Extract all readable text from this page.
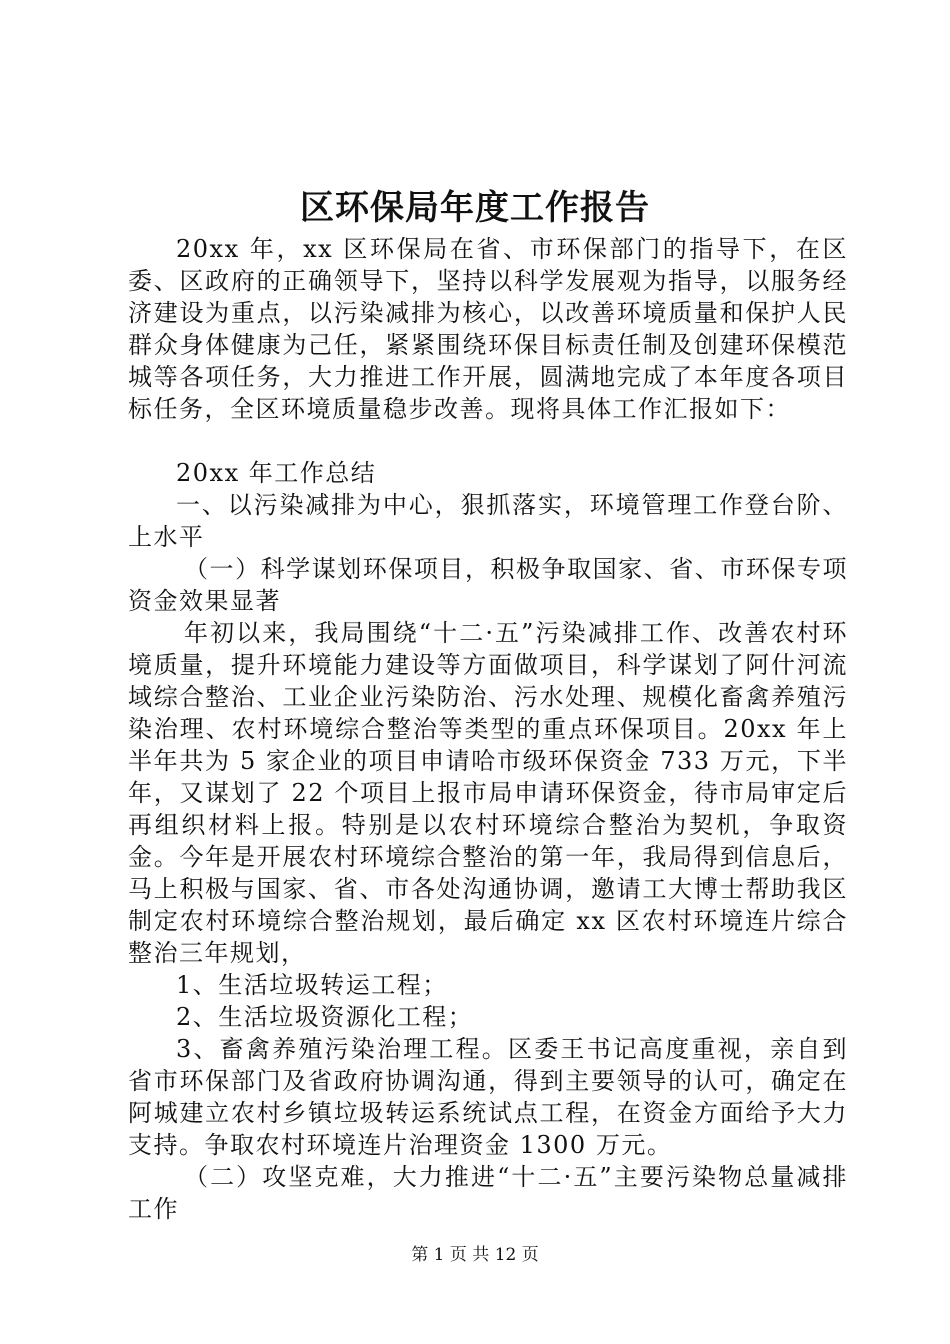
区环保局年度工作报告

20xx 年，xx 区环保局在省、市环保部门的指导下，在区委、区政府的正确领导下，坚持以科学发展观为指导，以服务经济建设为重点，以污染减排为核心，以改善环境质量和保护人民群众身体健康为己任，紧紧围绕环保目标责任制及创建环保模范城等各项任务，大力推进工作开展，圆满地完成了本年度各项目标任务，全区环境质量稳步改善。现将具体工作汇报如下：

20xx 年工作总结

一、以污染减排为中心，狠抓落实，环境管理工作登台阶、上水平

（一）科学谋划环保项目，积极争取国家、省、市环保专项资金效果显著

年初以来，我局围绕“十二·五”污染减排工作、改善农村环境质量，提升环境能力建设等方面做项目，科学谋划了阿什河流域综合整治、工业企业污染防治、污水处理、规模化畜禽养殖污染治理、农村环境综合整治等类型的重点环保项目。20xx 年上半年共为 5 家企业的项目申请哈市级环保资金 733 万元，下半年，又谋划了 22 个项目上报市局申请环保资金，待市局审定后再组织材料上报。特别是以农村环境综合整治为契机，争取资金。今年是开展农村环境综合整治的第一年，我局得到信息后，马上积极与国家、省、市各处沟通协调，邀请工大博士帮助我区制定农村环境综合整治规划，最后确定 xx 区农村环境连片综合整治三年规划，

1、生活垃圾转运工程；

2、生活垃圾资源化工程；

3、畜禽养殖污染治理工程。区委王书记高度重视，亲自到省市环保部门及省政府协调沟通，得到主要领导的认可，确定在阿城建立农村乡镇垃圾转运系统试点工程，在资金方面给予大力支持。争取农村环境连片治理资金 1300 万元。

（二）攻坚克难，大力推进“十二·五”主要污染物总量减排工作

第 1 页 共 12 页
